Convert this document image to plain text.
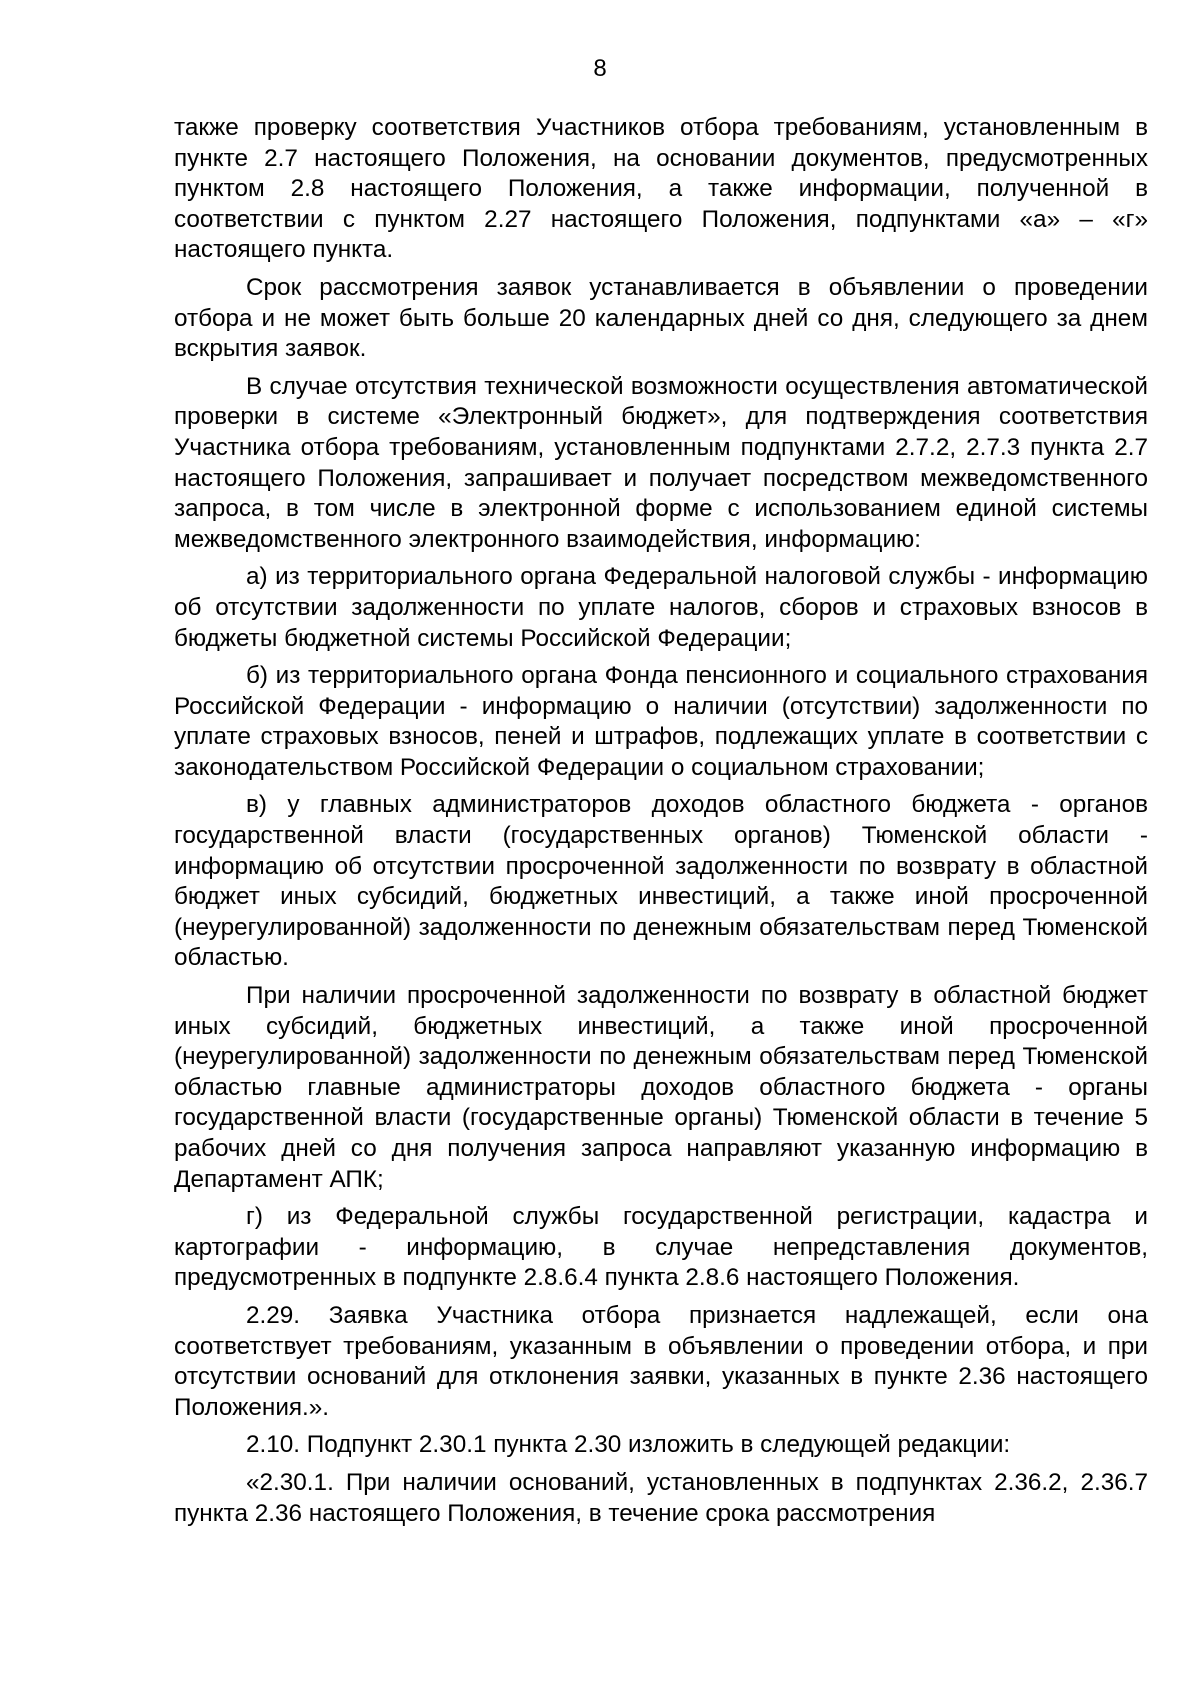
8

также проверку соответствия Участников отбора требованиям, установленным в пункте 2.7 настоящего Положения, на основании документов, предусмотренных пунктом 2.8 настоящего Положения, а также информации, полученной в соответствии с пунктом 2.27 настоящего Положения, подпунктами «а» – «г» настоящего пункта.

Срок рассмотрения заявок устанавливается в объявлении о проведении отбора и не может быть больше 20 календарных дней со дня, следующего за днем вскрытия заявок.

В случае отсутствия технической возможности осуществления автоматической проверки в системе «Электронный бюджет», для подтверждения соответствия Участника отбора требованиям, установленным подпунктами 2.7.2, 2.7.3 пункта 2.7 настоящего Положения, запрашивает и получает посредством межведомственного запроса, в том числе в электронной форме с использованием единой системы межведомственного электронного взаимодействия, информацию:

а) из территориального органа Федеральной налоговой службы - информацию об отсутствии задолженности по уплате налогов, сборов и страховых взносов в бюджеты бюджетной системы Российской Федерации;

б) из территориального органа Фонда пенсионного и социального страхования Российской Федерации - информацию о наличии (отсутствии) задолженности по уплате страховых взносов, пеней и штрафов, подлежащих уплате в соответствии с законодательством Российской Федерации о социальном страховании;

в) у главных администраторов доходов областного бюджета - органов государственной власти (государственных органов) Тюменской области - информацию об отсутствии просроченной задолженности по возврату в областной бюджет иных субсидий, бюджетных инвестиций, а также иной просроченной (неурегулированной) задолженности по денежным обязательствам перед Тюменской областью.

При наличии просроченной задолженности по возврату в областной бюджет иных субсидий, бюджетных инвестиций, а также иной просроченной (неурегулированной) задолженности по денежным обязательствам перед Тюменской областью главные администраторы доходов областного бюджета - органы государственной власти (государственные органы) Тюменской области в течение 5 рабочих дней со дня получения запроса направляют указанную информацию в Департамент АПК;

г) из Федеральной службы государственной регистрации, кадастра и картографии - информацию, в случае непредставления документов, предусмотренных в подпункте 2.8.6.4 пункта 2.8.6 настоящего Положения.

2.29. Заявка Участника отбора признается надлежащей, если она соответствует требованиям, указанным в объявлении о проведении отбора, и при отсутствии оснований для отклонения заявки, указанных в пункте 2.36 настоящего Положения.».

2.10. Подпункт 2.30.1 пункта 2.30 изложить в следующей редакции:

«2.30.1. При наличии оснований, установленных в подпунктах 2.36.2, 2.36.7 пункта 2.36 настоящего Положения, в течение срока рассмотрения
